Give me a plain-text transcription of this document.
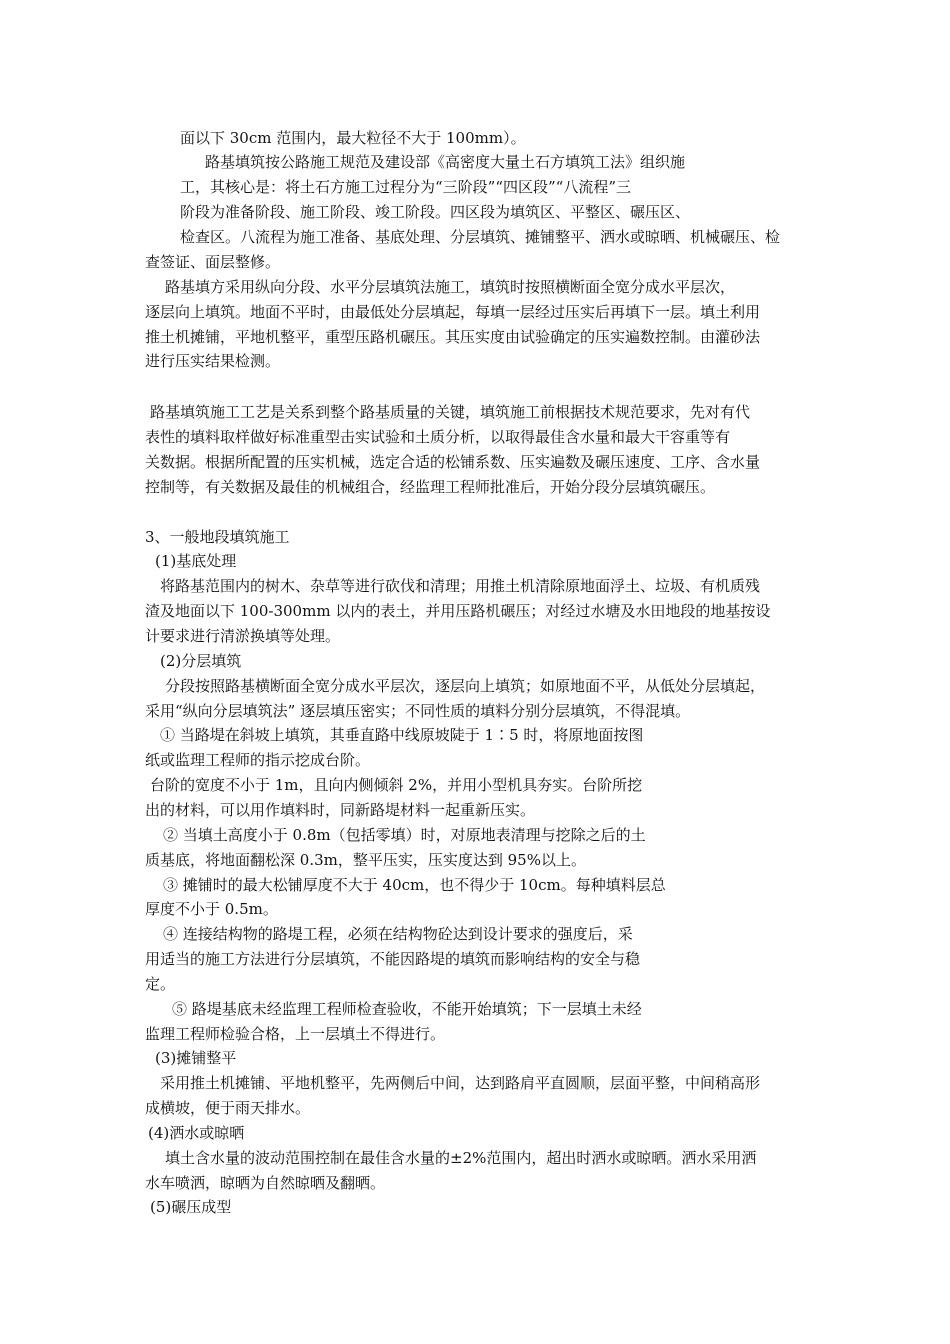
面以下 30cm 范围内，最大粒径不大于 100mm）。
路基填筑按公路施工规范及建设部《高密度大量土石方填筑工法》组织施
工，其核心是：将土石方施工过程分为“三阶段”“四区段”“八流程”三
阶段为准备阶段、施工阶段、竣工阶段。四区段为填筑区、平整区、碾压区、
检查区。八流程为施工准备、基底处理、分层填筑、摊铺整平、洒水或晾晒、机械碾压、检
查签证、面层整修。
路基填方采用纵向分段、水平分层填筑法施工，填筑时按照横断面全宽分成水平层次，
逐层向上填筑。地面不平时，由最低处分层填起，每填一层经过压实后再填下一层。填土利用
推土机摊铺，平地机整平，重型压路机碾压。其压实度由试验确定的压实遍数控制。由灌砂法
进行压实结果检测。
路基填筑施工工艺是关系到整个路基质量的关键，填筑施工前根据技术规范要求，先对有代
表性的填料取样做好标准重型击实试验和土质分析，以取得最佳含水量和最大干容重等有
关数据。根据所配置的压实机械，选定合适的松铺系数、压实遍数及碾压速度、工序、含水量
控制等，有关数据及最佳的机械组合，经监理工程师批准后，开始分段分层填筑碾压。
3、一般地段填筑施工
(1)基底处理
将路基范围内的树木、杂草等进行砍伐和清理；用推土机清除原地面浮土、垃圾、有机质残
渣及地面以下 100-300mm 以内的表土，并用压路机碾压；对经过水塘及水田地段的地基按设
计要求进行清淤换填等处理。
(2)分层填筑
分段按照路基横断面全宽分成水平层次，逐层向上填筑；如原地面不平，从低处分层填起，
采用“纵向分层填筑法” 逐层填压密实；不同性质的填料分别分层填筑，不得混填。
① 当路堤在斜坡上填筑，其垂直路中线原坡陡于 1∶5 时，将原地面按图
纸或监理工程师的指示挖成台阶。
台阶的宽度不小于 1m，且向内侧倾斜 2%，并用小型机具夯实。台阶所挖
出的材料，可以用作填料时，同新路堤材料一起重新压实。
② 当填土高度小于 0.8m（包括零填）时，对原地表清理与挖除之后的土
质基底，将地面翻松深 0.3m，整平压实，压实度达到 95%以上。
③ 摊铺时的最大松铺厚度不大于 40cm，也不得少于 10cm。每种填料层总
厚度不小于 0.5m。
④ 连接结构物的路堤工程，必须在结构物砼达到设计要求的强度后，采
用适当的施工方法进行分层填筑，不能因路堤的填筑而影响结构的安全与稳
定。
⑤ 路堤基底未经监理工程师检查验收，不能开始填筑；下一层填土未经
监理工程师检验合格，上一层填土不得进行。
(3)摊铺整平
采用推土机摊铺、平地机整平，先两侧后中间，达到路肩平直圆顺，层面平整，中间稍高形
成横坡，便于雨天排水。
(4)洒水或晾晒
填土含水量的波动范围控制在最佳含水量的±2%范围内，超出时洒水或晾晒。洒水采用洒
水车喷洒，晾晒为自然晾晒及翻晒。
(5)碾压成型
